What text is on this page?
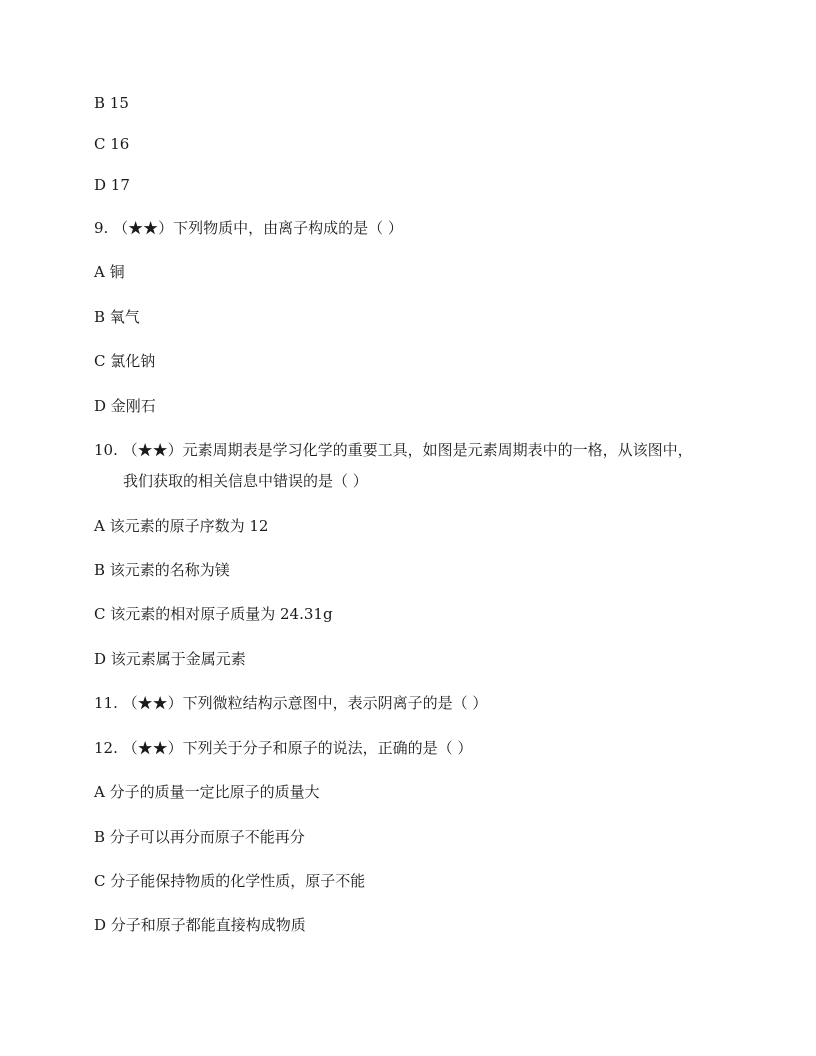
B 15
C 16
D 17
9. （★★）下列物质中，由离子构成的是（ ）
A 铜
B 氧气
C 氯化钠
D 金刚石
10. （★★）元素周期表是学习化学的重要工具，如图是元素周期表中的一格，从该图中，
我们获取的相关信息中错误的是（ ）
A 该元素的原子序数为 12
B 该元素的名称为镁
C 该元素的相对原子质量为 24.31g
D 该元素属于金属元素
11. （★★）下列微粒结构示意图中，表示阴离子的是（ ）
12. （★★）下列关于分子和原子的说法，正确的是（ ）
A 分子的质量一定比原子的质量大
B 分子可以再分而原子不能再分
C 分子能保持物质的化学性质，原子不能
D 分子和原子都能直接构成物质
